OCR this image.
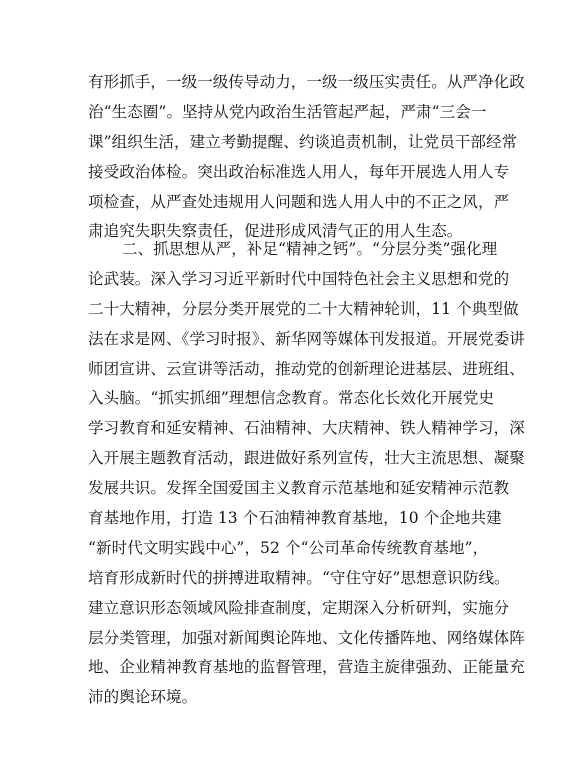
有形抓手，一级一级传导动力，一级一级压实责任。从严净化政
治“生态圈”。坚持从党内政治生活管起严起，严肃“三会一
课”组织生活，建立考勤提醒、约谈追责机制，让党员干部经常
接受政治体检。突出政治标准选人用人，每年开展选人用人专
项检查，从严查处违规用人问题和选人用人中的不正之风，严
肃追究失职失察责任，促进形成风清气正的用人生态。
二、抓思想从严，补足“精神之钙”。“分层分类”强化理
论武装。深入学习习近平新时代中国特色社会主义思想和党的
二十大精神，分层分类开展党的二十大精神轮训，11 个典型做
法在求是网、《学习时报》、新华网等媒体刊发报道。开展党委讲
师团宣讲、云宣讲等活动，推动党的创新理论进基层、进班组、
入头脑。“抓实抓细”理想信念教育。常态化长效化开展党史
学习教育和延安精神、石油精神、大庆精神、铁人精神学习，深
入开展主题教育活动，跟进做好系列宣传，壮大主流思想、凝聚
发展共识。发挥全国爱国主义教育示范基地和延安精神示范教
育基地作用，打造 13 个石油精神教育基地，10 个企地共建
“新时代文明实践中心”，52 个“公司革命传统教育基地”，
培育形成新时代的拼搏进取精神。“守住守好”思想意识防线。
建立意识形态领域风险排查制度，定期深入分析研判，实施分
层分类管理，加强对新闻舆论阵地、文化传播阵地、网络媒体阵
地、企业精神教育基地的监督管理，营造主旋律强劲、正能量充
沛的舆论环境。
